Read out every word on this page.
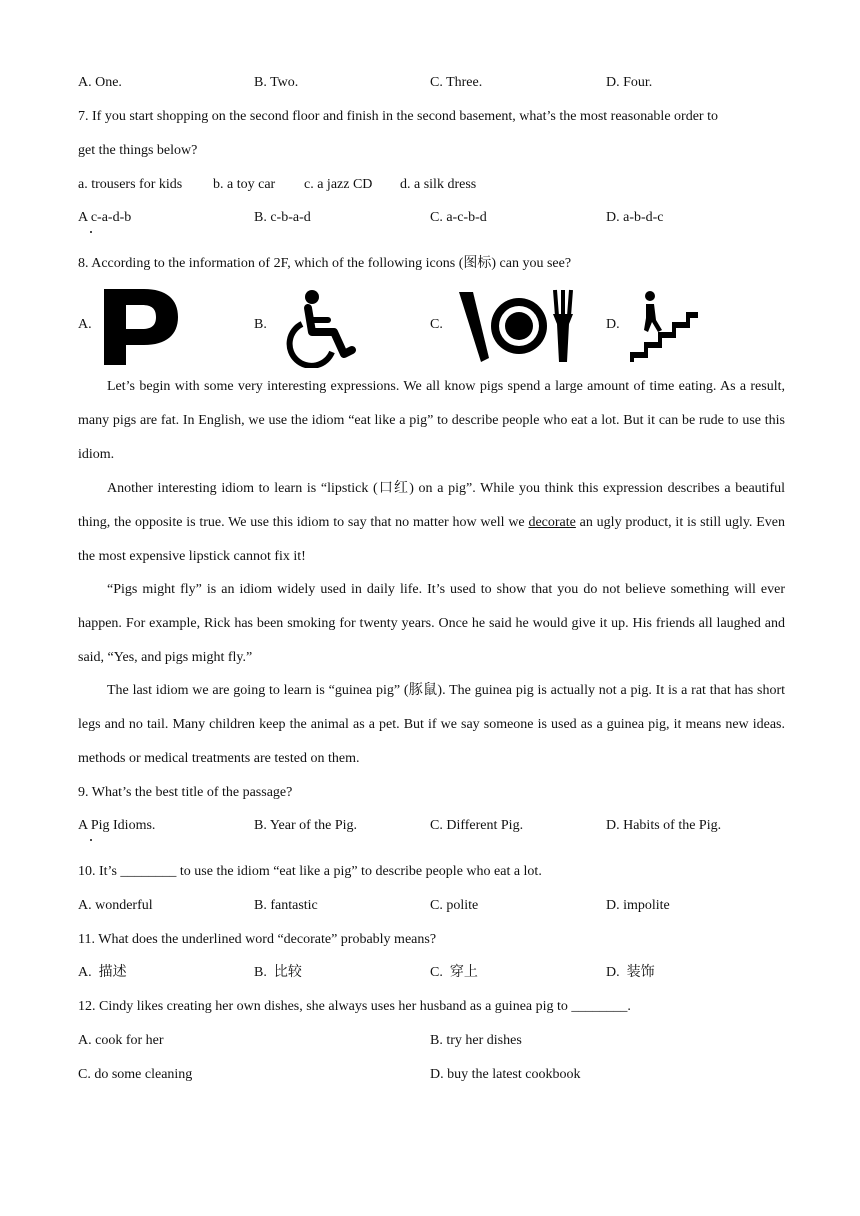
A. One.	B. Two.	C. Three.	D. Four.
7. If you start shopping on the second floor and finish in the second basement, what’s the most reasonable order to
get the things below?
a. trousers for kids b. a toy car c. a jazz CD d. a silk dress
A c-a-d-b	B. c-b-a-d	C. a-c-b-d	D. a-b-d-c
8. According to the information of 2F, which of the following icons (图标) can you see?
A.	B.	C.	D.

Let’s begin with some very interesting expressions. We all know pigs spend a large amount of time eating. As a result, many pigs are fat. In English, we use the idiom “eat like a pig” to describe people who eat a lot. But it can be rude to use this idiom.

Another interesting idiom to learn is “lipstick (口红) on a pig”. While you think this expression describes a beautiful thing, the opposite is true. We use this idiom to say that no matter how well we decorate an ugly product, it is still ugly. Even the most expensive lipstick cannot fix it!

“Pigs might fly” is an idiom widely used in daily life. It’s used to show that you do not believe something will ever happen. For example, Rick has been smoking for twenty years. Once he said he would give it up. His friends all laughed and said, “Yes, and pigs might fly.”

The last idiom we are going to learn is “guinea pig” (豚鼠). The guinea pig is actually not a pig. It is a rat that has short legs and no tail. Many children keep the animal as a pet. But if we say someone is used as a guinea pig, it means new ideas. methods or medical treatments are tested on them.

9. What’s the best title of the passage?
A Pig Idioms.	B. Year of the Pig.	C. Different Pig.	D. Habits of the Pig.
10. It’s ________ to use the idiom “eat like a pig” to describe people who eat a lot.
A. wonderful	B. fantastic	C. polite	D. impolite
11. What does the underlined word “decorate” probably means?
A.  描述	B.  比较	C.  穿上	D.  装饰
12. Cindy likes creating her own dishes, she always uses her husband as a guinea pig to ________.
A. cook for her	B. try her dishes
C. do some cleaning	D. buy the latest cookbook
